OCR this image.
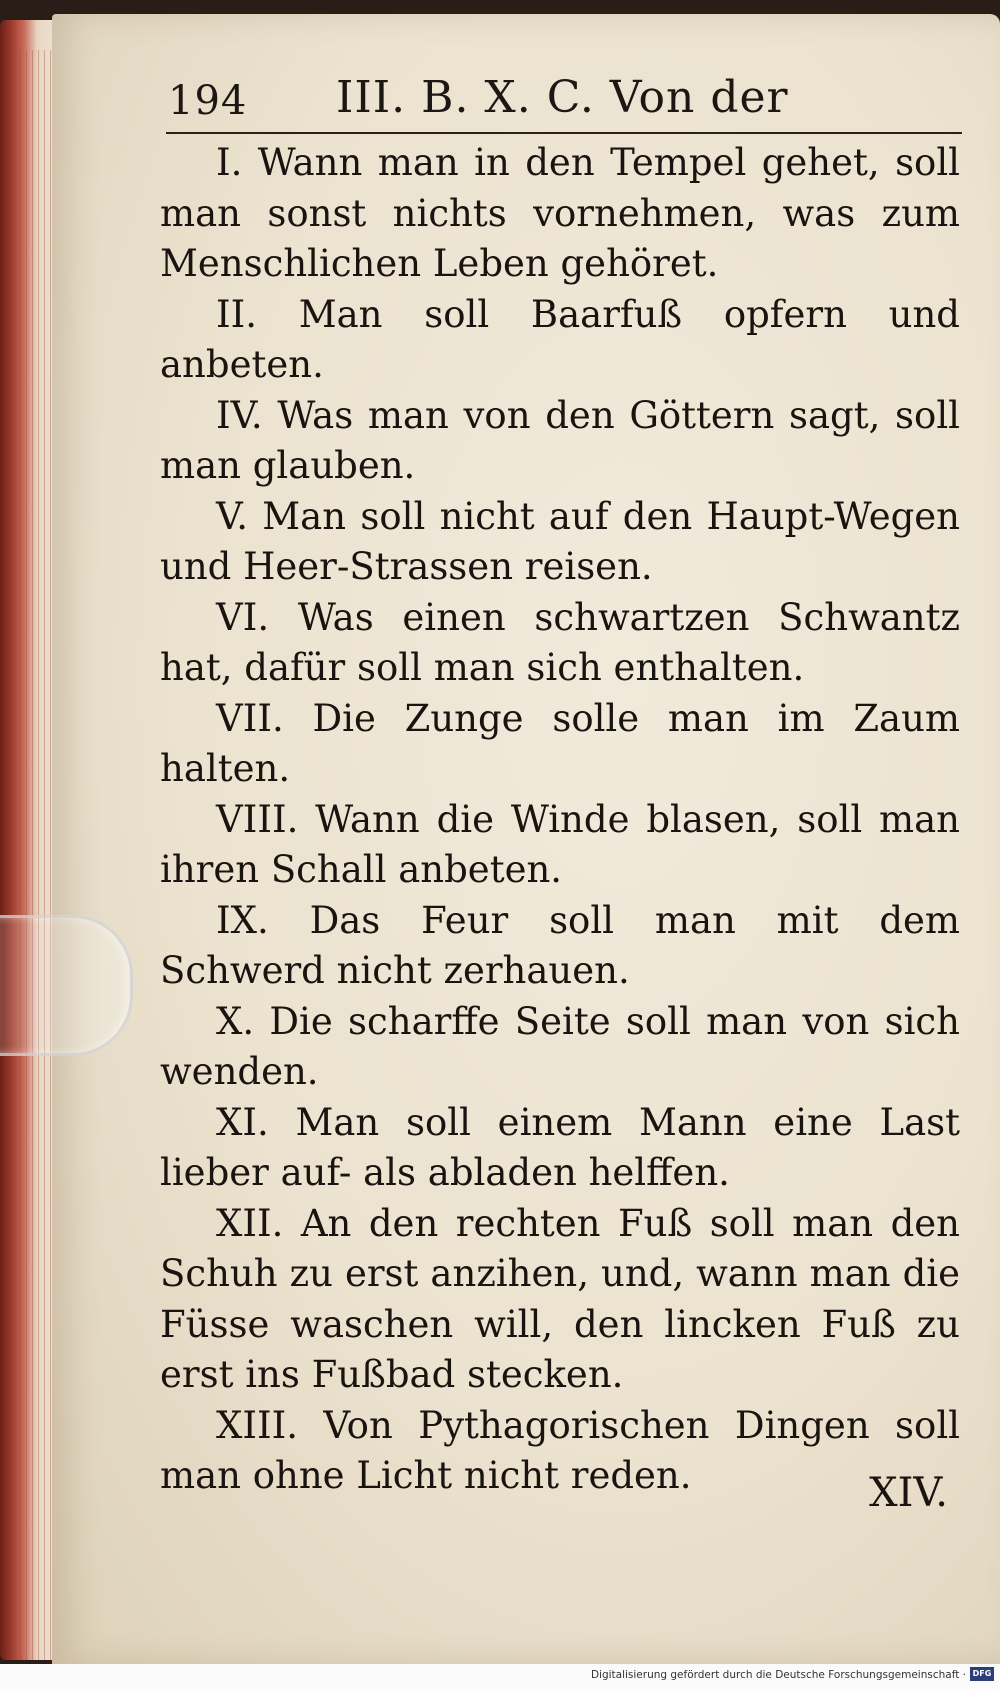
194 III. B. X. C. Von der

I. Wann man in den Tempel gehet, soll man sonst nichts vornehmen, was zum Menschlichen Leben gehöret.

II. Man soll Baarfuß opfern und anbeten.

IV. Was man von den Göttern sagt, soll man glauben.

V. Man soll nicht auf den Haupt-Wegen und Heer-Strassen reisen.

VI. Was einen schwartzen Schwantz hat, dafür soll man sich enthalten.

VII. Die Zunge solle man im Zaum halten.

VIII. Wann die Winde blasen, soll man ihren Schall anbeten.

IX. Das Feur soll man mit dem Schwerd nicht zerhauen.

X. Die scharffe Seite soll man von sich wenden.

XI. Man soll einem Mann eine Last lieber auf- als abladen helffen.

XII. An den rechten Fuß soll man den Schuh zu erst anzihen, und, wann man die Füsse waschen will, den lincken Fuß zu erst ins Fußbad stecken.

XIII. Von Pythagorischen Dingen soll man ohne Licht nicht reden.	XIV.
Digitalisierung gefördert durch die Deutsche Forschungsgemeinschaft · DFG
